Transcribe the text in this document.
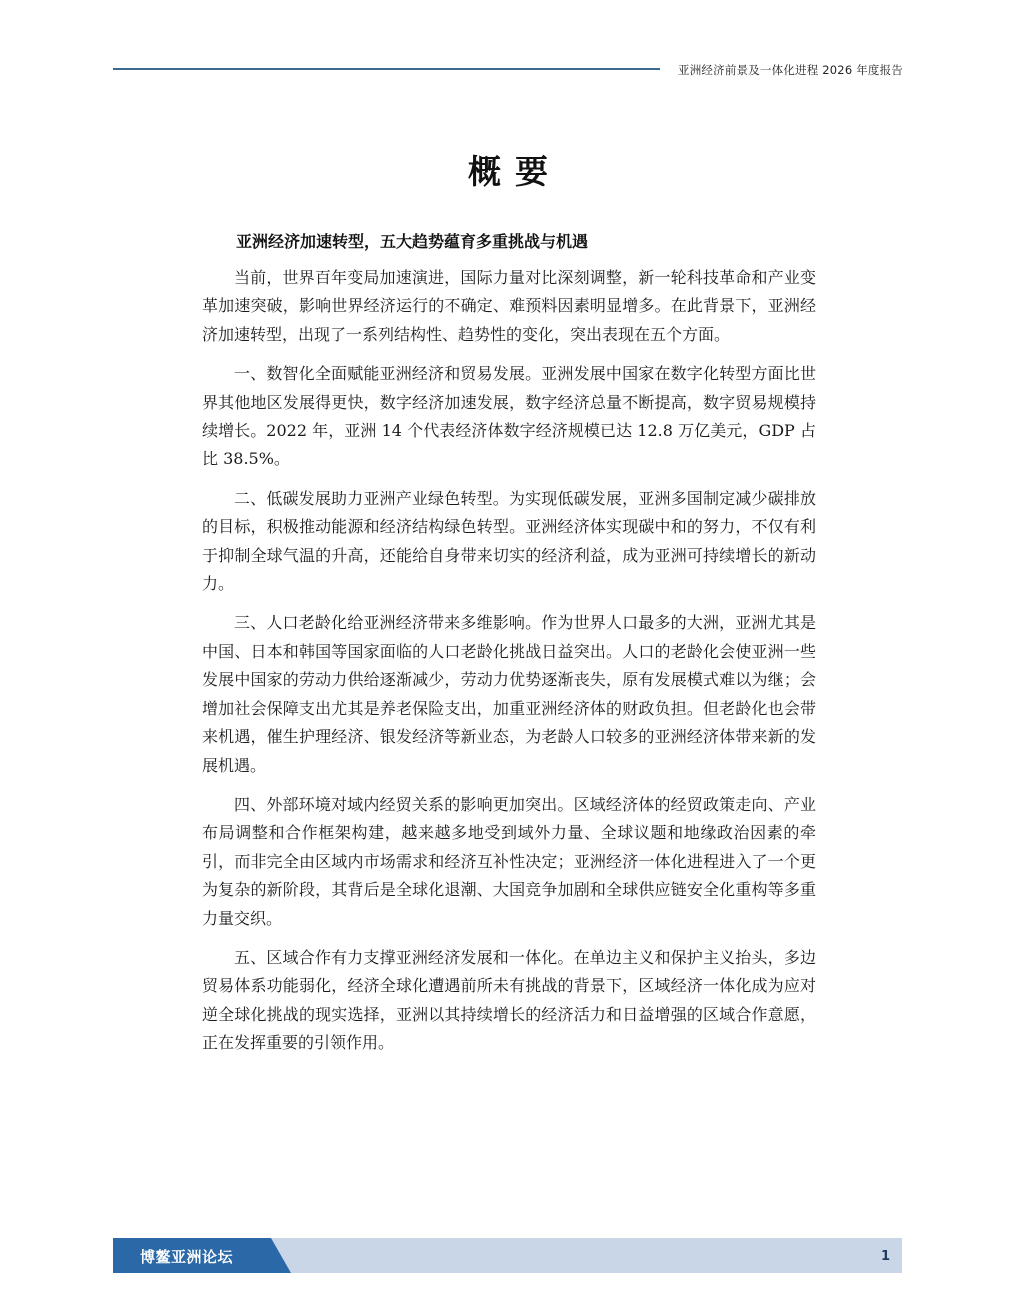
亚洲经济前景及一体化进程 2026 年度报告
概要

亚洲经济加速转型，五大趋势蕴育多重挑战与机遇

当前，世界百年变局加速演进，国际力量对比深刻调整，新一轮科技革命和产业变革加速突破，影响世界经济运行的不确定、难预料因素明显增多。在此背景下，亚洲经济加速转型，出现了一系列结构性、趋势性的变化，突出表现在五个方面。

一、数智化全面赋能亚洲经济和贸易发展。亚洲发展中国家在数字化转型方面比世界其他地区发展得更快，数字经济加速发展，数字经济总量不断提高，数字贸易规模持续增长。2022 年，亚洲 14 个代表经济体数字经济规模已达 12.8 万亿美元，GDP 占比 38.5%。

二、低碳发展助力亚洲产业绿色转型。为实现低碳发展，亚洲多国制定减少碳排放的目标，积极推动能源和经济结构绿色转型。亚洲经济体实现碳中和的努力，不仅有利于抑制全球气温的升高，还能给自身带来切实的经济利益，成为亚洲可持续增长的新动力。

三、人口老龄化给亚洲经济带来多维影响。作为世界人口最多的大洲，亚洲尤其是中国、日本和韩国等国家面临的人口老龄化挑战日益突出。人口的老龄化会使亚洲一些发展中国家的劳动力供给逐渐减少，劳动力优势逐渐丧失，原有发展模式难以为继；会增加社会保障支出尤其是养老保险支出，加重亚洲经济体的财政负担。但老龄化也会带来机遇，催生护理经济、银发经济等新业态，为老龄人口较多的亚洲经济体带来新的发展机遇。

四、外部环境对域内经贸关系的影响更加突出。区域经济体的经贸政策走向、产业布局调整和合作框架构建，越来越多地受到域外力量、全球议题和地缘政治因素的牵引，而非完全由区域内市场需求和经济互补性决定；亚洲经济一体化进程进入了一个更为复杂的新阶段，其背后是全球化退潮、大国竞争加剧和全球供应链安全化重构等多重力量交织。

五、区域合作有力支撑亚洲经济发展和一体化。在单边主义和保护主义抬头，多边贸易体系功能弱化，经济全球化遭遇前所未有挑战的背景下，区域经济一体化成为应对逆全球化挑战的现实选择，亚洲以其持续增长的经济活力和日益增强的区域合作意愿，正在发挥重要的引领作用。

博鳌亚洲论坛	1
